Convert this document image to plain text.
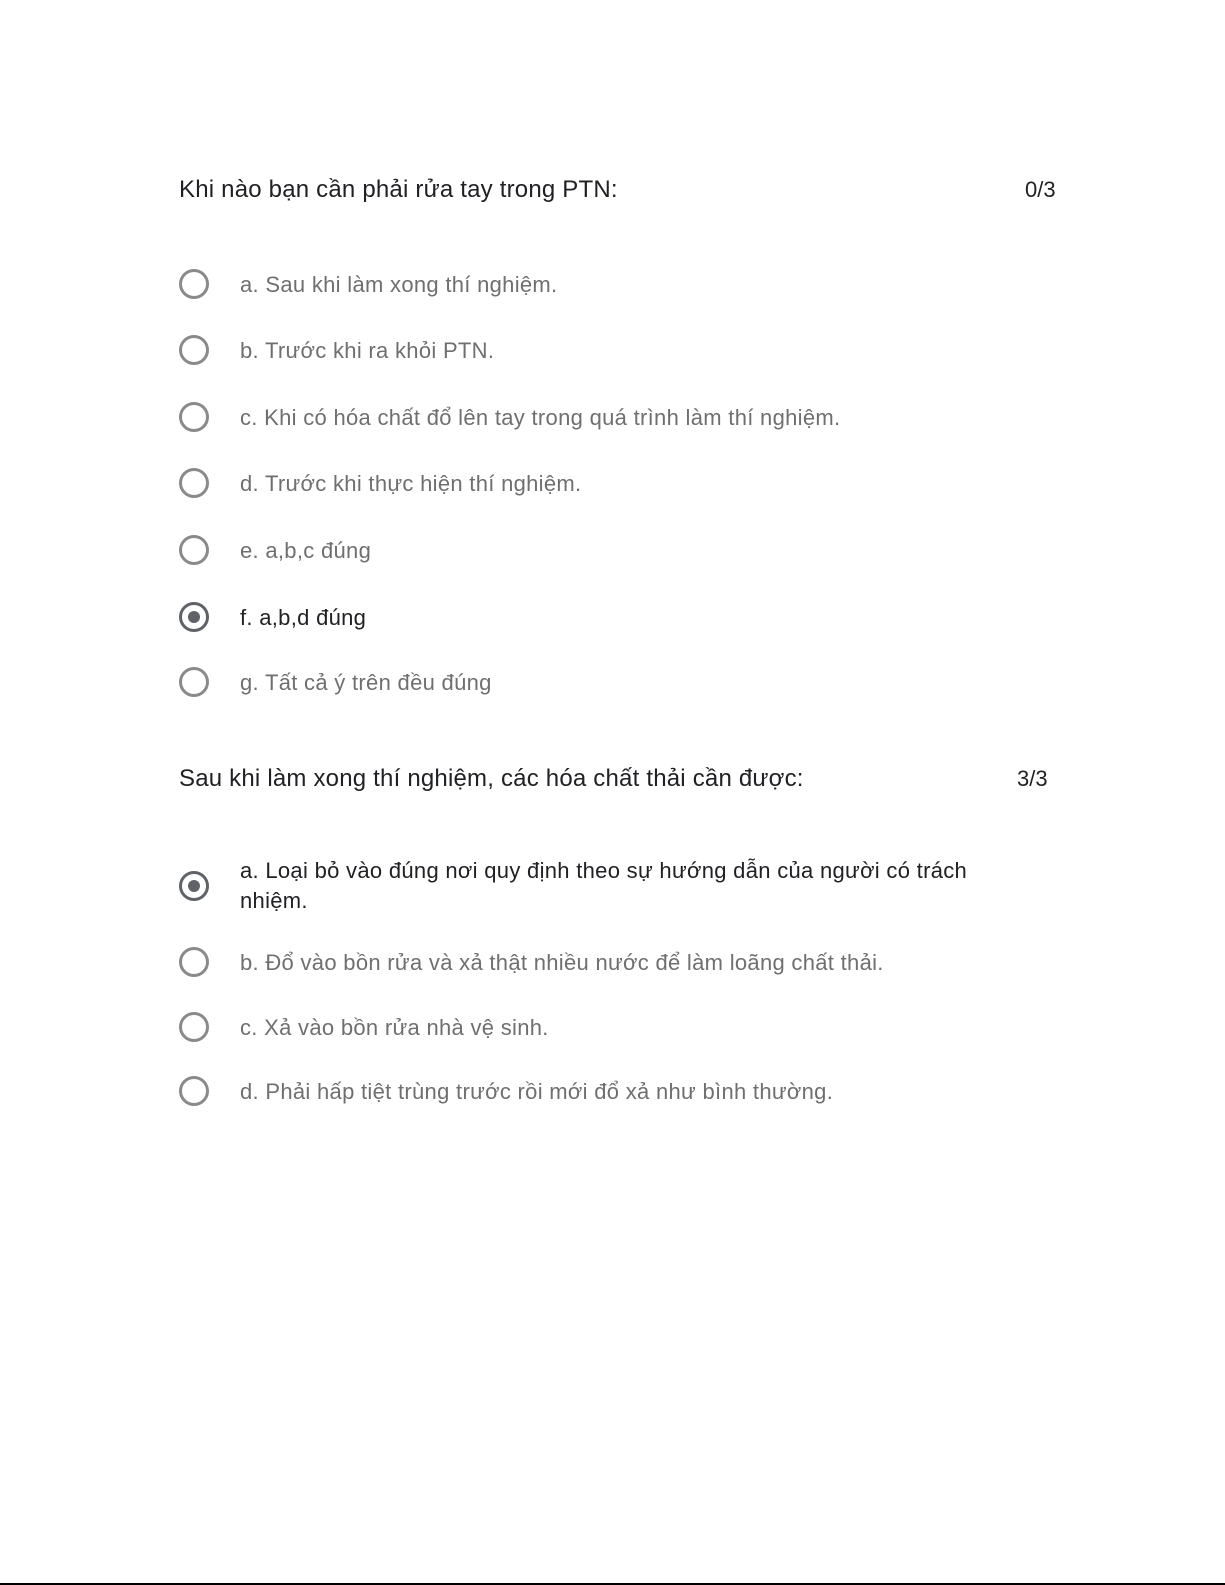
Khi nào bạn cần phải rửa tay trong PTN:	0/3
a. Sau khi làm xong thí nghiệm.
b. Trước khi ra khỏi PTN.
c. Khi có hóa chất đổ lên tay trong quá trình làm thí nghiệm.
d. Trước khi thực hiện thí nghiệm.
e. a,b,c đúng
f. a,b,d đúng
g. Tất cả ý trên đều đúng
Sau khi làm xong thí nghiệm, các hóa chất thải cần được:	3/3
a. Loại bỏ vào đúng nơi quy định theo sự hướng dẫn của người có trách nhiệm.
b. Đổ vào bồn rửa và xả thật nhiều nước để làm loãng chất thải.
c. Xả vào bồn rửa nhà vệ sinh.
d. Phải hấp tiệt trùng trước rồi mới đổ xả như bình thường.
